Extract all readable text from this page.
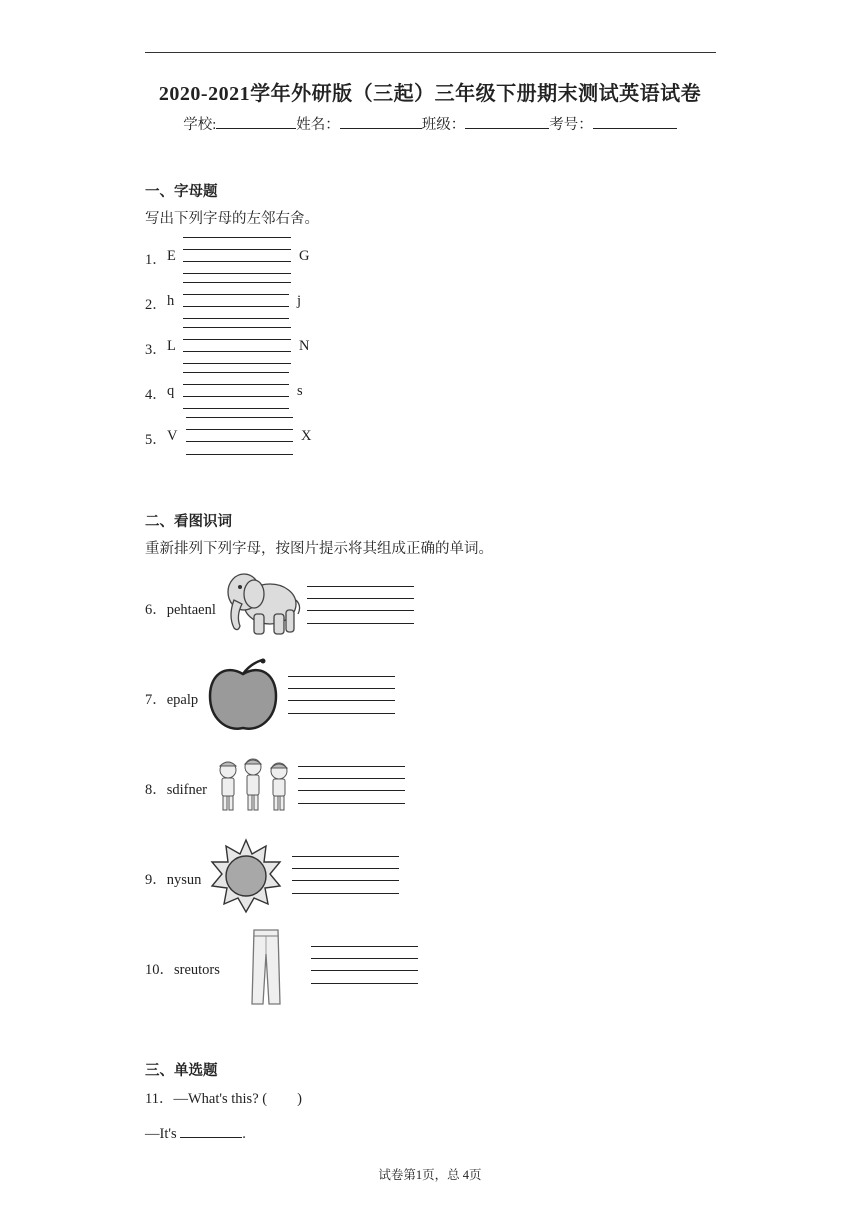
2020-2021学年外研版（三起）三年级下册期末测试英语试卷
学校:	姓名：	班级：	考号：
一、字母题
写出下列字母的左邻右舍。
1． E	G
2． h	j
3． L	N
4． q	s
5． V	X
二、看图识词
重新排列下列字母，按图片提示将其组成正确的单词。
6．pehtaenl
7．epalp
8．sdifner
9．nysun
10．sreutors
三、单选题
11．—What's this? ( )
—It's	.
试卷第1页，总 4页
